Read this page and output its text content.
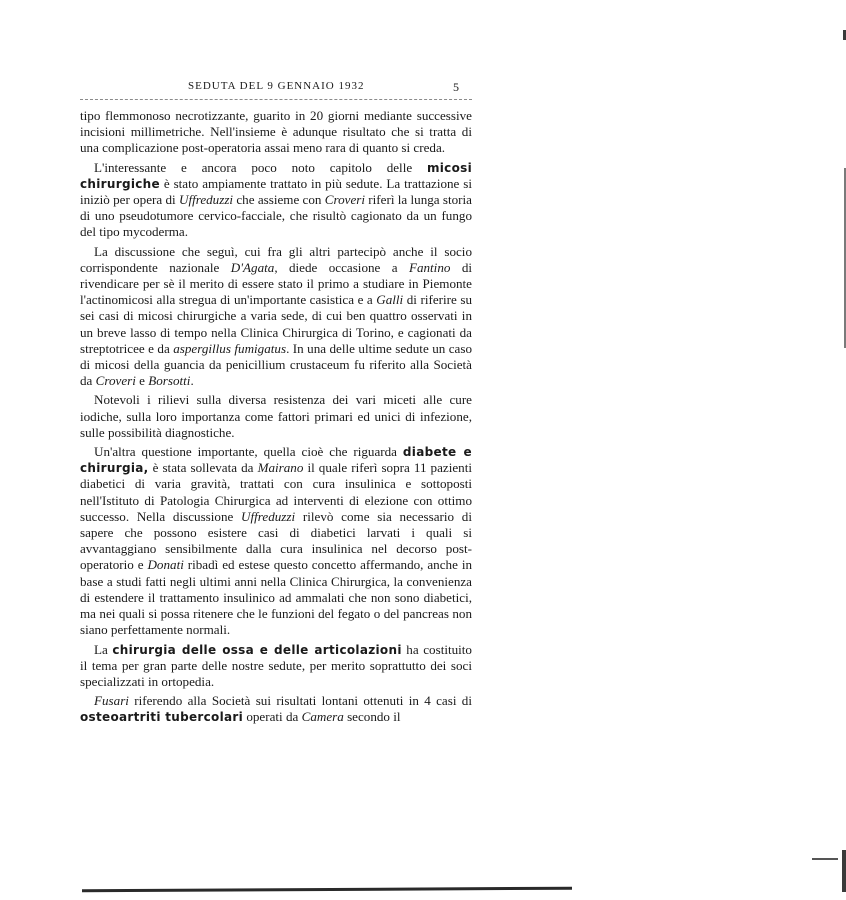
SEDUTA DEL 9 GENNAIO 1932	5

tipo flemmonoso necrotizzante, guarito in 20 giorni mediante successive incisioni millimetriche. Nell'insieme è adunque risultato che si tratta di una complicazione post-operatoria assai meno rara di quanto si creda.

L'interessante e ancora poco noto capitolo delle micosi chirurgiche è stato ampiamente trattato in più sedute. La trattazione si iniziò per opera di Uffreduzzi che assieme con Croveri riferì la lunga storia di uno pseudotumore cervico-facciale, che risultò cagionato da un fungo del tipo mycoderma.

La discussione che seguì, cui fra gli altri partecipò anche il socio corrispondente nazionale D'Agata, diede occasione a Fantino di rivendicare per sè il merito di essere stato il primo a studiare in Piemonte l'actinomicosi alla stregua di un'importante casistica e a Galli di riferire su sei casi di micosi chirurgiche a varia sede, di cui ben quattro osservati in un breve lasso di tempo nella Clinica Chirurgica di Torino, e cagionati da streptotricee e da aspergillus fumigatus. In una delle ultime sedute un caso di micosi della guancia da penicillium crustaceum fu riferito alla Società da Croveri e Borsotti.

Notevoli i rilievi sulla diversa resistenza dei vari miceti alle cure iodiche, sulla loro importanza come fattori primari ed unici di infezione, sulle possibilità diagnostiche.

Un'altra questione importante, quella cioè che riguarda diabete e chirurgia, è stata sollevata da Mairano il quale riferì sopra 11 pazienti diabetici di varia gravità, trattati con cura insulinica e sottoposti nell'Istituto di Patologia Chirurgica ad interventi di elezione con ottimo successo. Nella discussione Uffreduzzi rilevò come sia necessario di sapere che possono esistere casi di diabetici larvati i quali si avvantaggiano sensibilmente dalla cura insulinica nel decorso post-operatorio e Donati ribadì ed estese questo concetto affermando, anche in base a studi fatti negli ultimi anni nella Clinica Chirurgica, la convenienza di estendere il trattamento insulinico ad ammalati che non sono diabetici, ma nei quali si possa ritenere che le funzioni del fegato o del pancreas non siano perfettamente normali.

La chirurgia delle ossa e delle articolazioni ha costituito il tema per gran parte delle nostre sedute, per merito soprattutto dei soci specializzati in ortopedia.

Fusari riferendo alla Società sui risultati lontani ottenuti in 4 casi di osteoartriti tubercolari operati da Camera secondo il
